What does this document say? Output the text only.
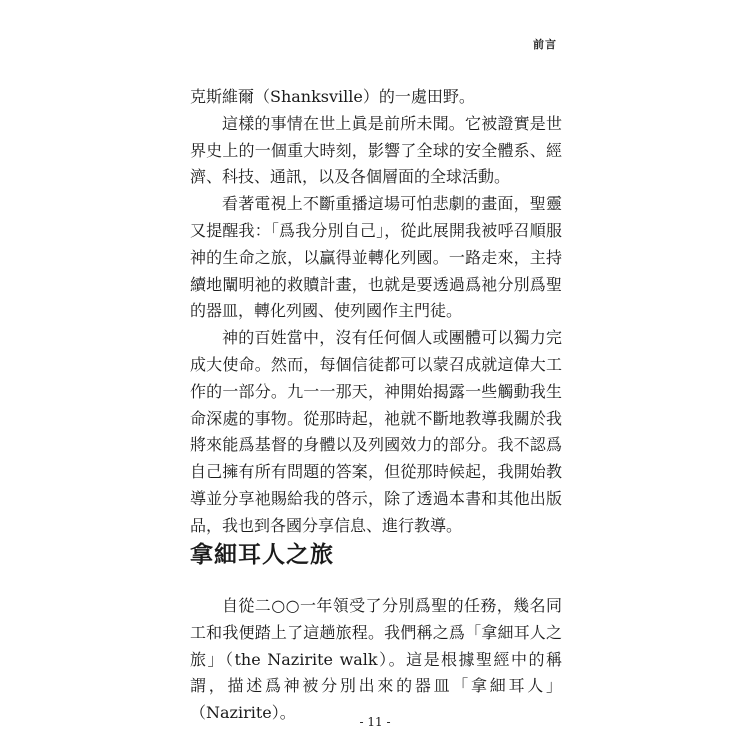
前言

克斯維爾（Shanksville）的一處田野。

這樣的事情在世上眞是前所未聞。它被證實是世界史上的一個重大時刻，影響了全球的安全體系、經濟、科技、通訊，以及各個層面的全球活動。

看著電視上不斷重播這場可怕悲劇的畫面，聖靈又提醒我：「爲我分別自己」，從此展開我被呼召順服神的生命之旅，以贏得並轉化列國。一路走來，主持續地闡明祂的救贖計畫，也就是要透過爲祂分別爲聖的器皿，轉化列國、使列國作主門徒。

神的百姓當中，沒有任何個人或團體可以獨力完成大使命。然而，每個信徒都可以蒙召成就這偉大工作的一部分。九一一那天，神開始揭露一些觸動我生命深處的事物。從那時起，祂就不斷地教導我關於我將來能爲基督的身體以及列國效力的部分。我不認爲自己擁有所有問題的答案，但從那時候起，我開始教導並分享祂賜給我的啓示，除了透過本書和其他出版品，我也到各國分享信息、進行教導。

拿細耳人之旅

自從二○○一年領受了分別爲聖的任務，幾名同工和我便踏上了這趟旅程。我們稱之爲「拿細耳人之旅」（the Nazirite walk）。這是根據聖經中的稱謂，描述爲神被分別出來的器皿「拿細耳人」（Nazirite）。	- 11 -
